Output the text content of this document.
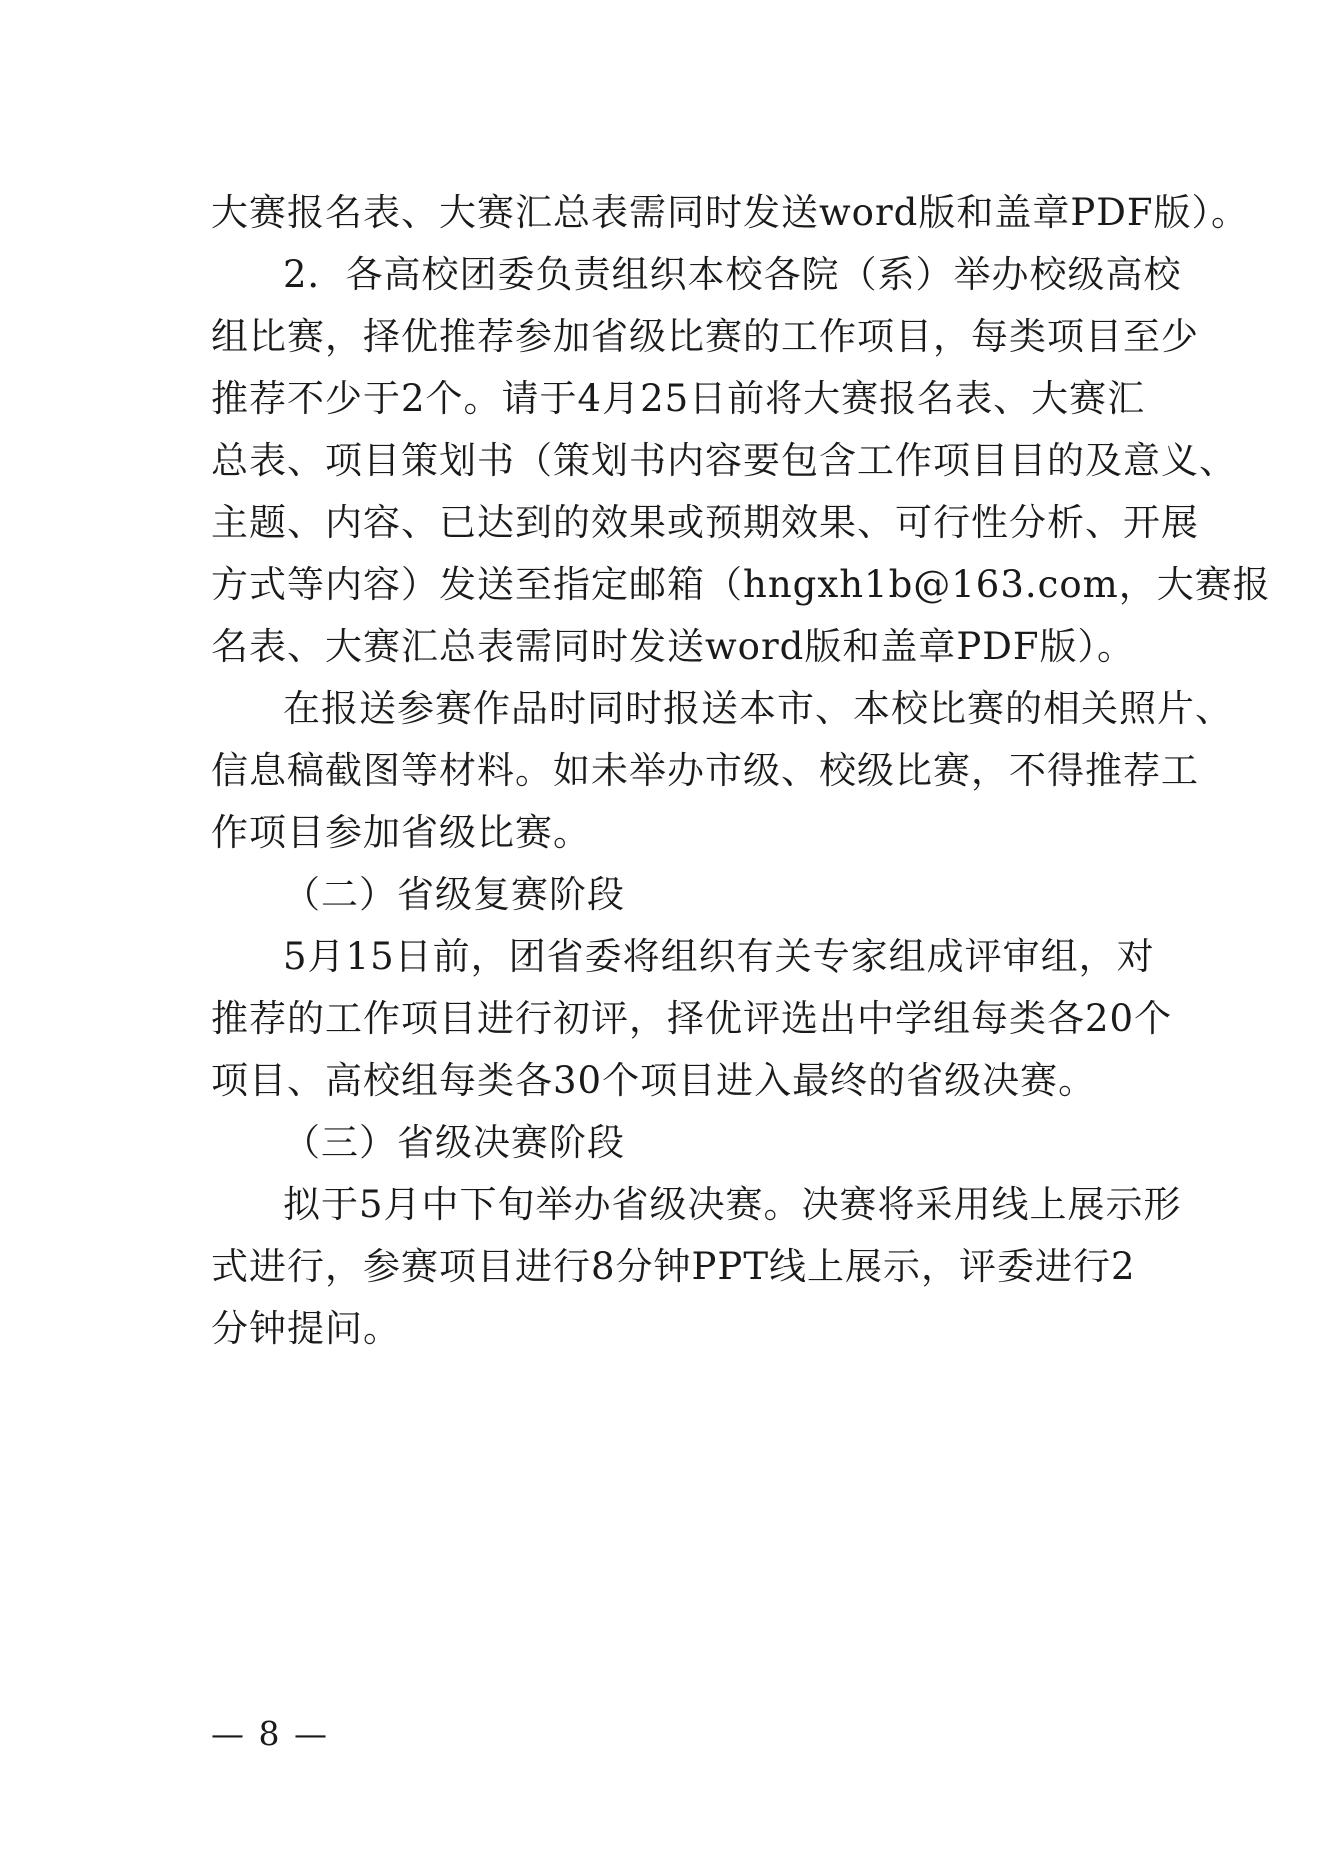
大赛报名表、大赛汇总表需同时发送word版和盖章PDF版）。
2．各高校团委负责组织本校各院（系）举办校级高校
组比赛，择优推荐参加省级比赛的工作项目，每类项目至少
推荐不少于2个。请于4月25日前将大赛报名表、大赛汇
总表、项目策划书（策划书内容要包含工作项目目的及意义、
主题、内容、已达到的效果或预期效果、可行性分析、开展
方式等内容）发送至指定邮箱（hngxh1b@163.com，大赛报
名表、大赛汇总表需同时发送word版和盖章PDF版）。
在报送参赛作品时同时报送本市、本校比赛的相关照片、
信息稿截图等材料。如未举办市级、校级比赛，不得推荐工
作项目参加省级比赛。
（二）省级复赛阶段
5月15日前，团省委将组织有关专家组成评审组，对
推荐的工作项目进行初评，择优评选出中学组每类各20个
项目、高校组每类各30个项目进入最终的省级决赛。
（三）省级决赛阶段
拟于5月中下旬举办省级决赛。决赛将采用线上展示形
式进行，参赛项目进行8分钟PPT线上展示，评委进行2
分钟提问。
— 8 —
